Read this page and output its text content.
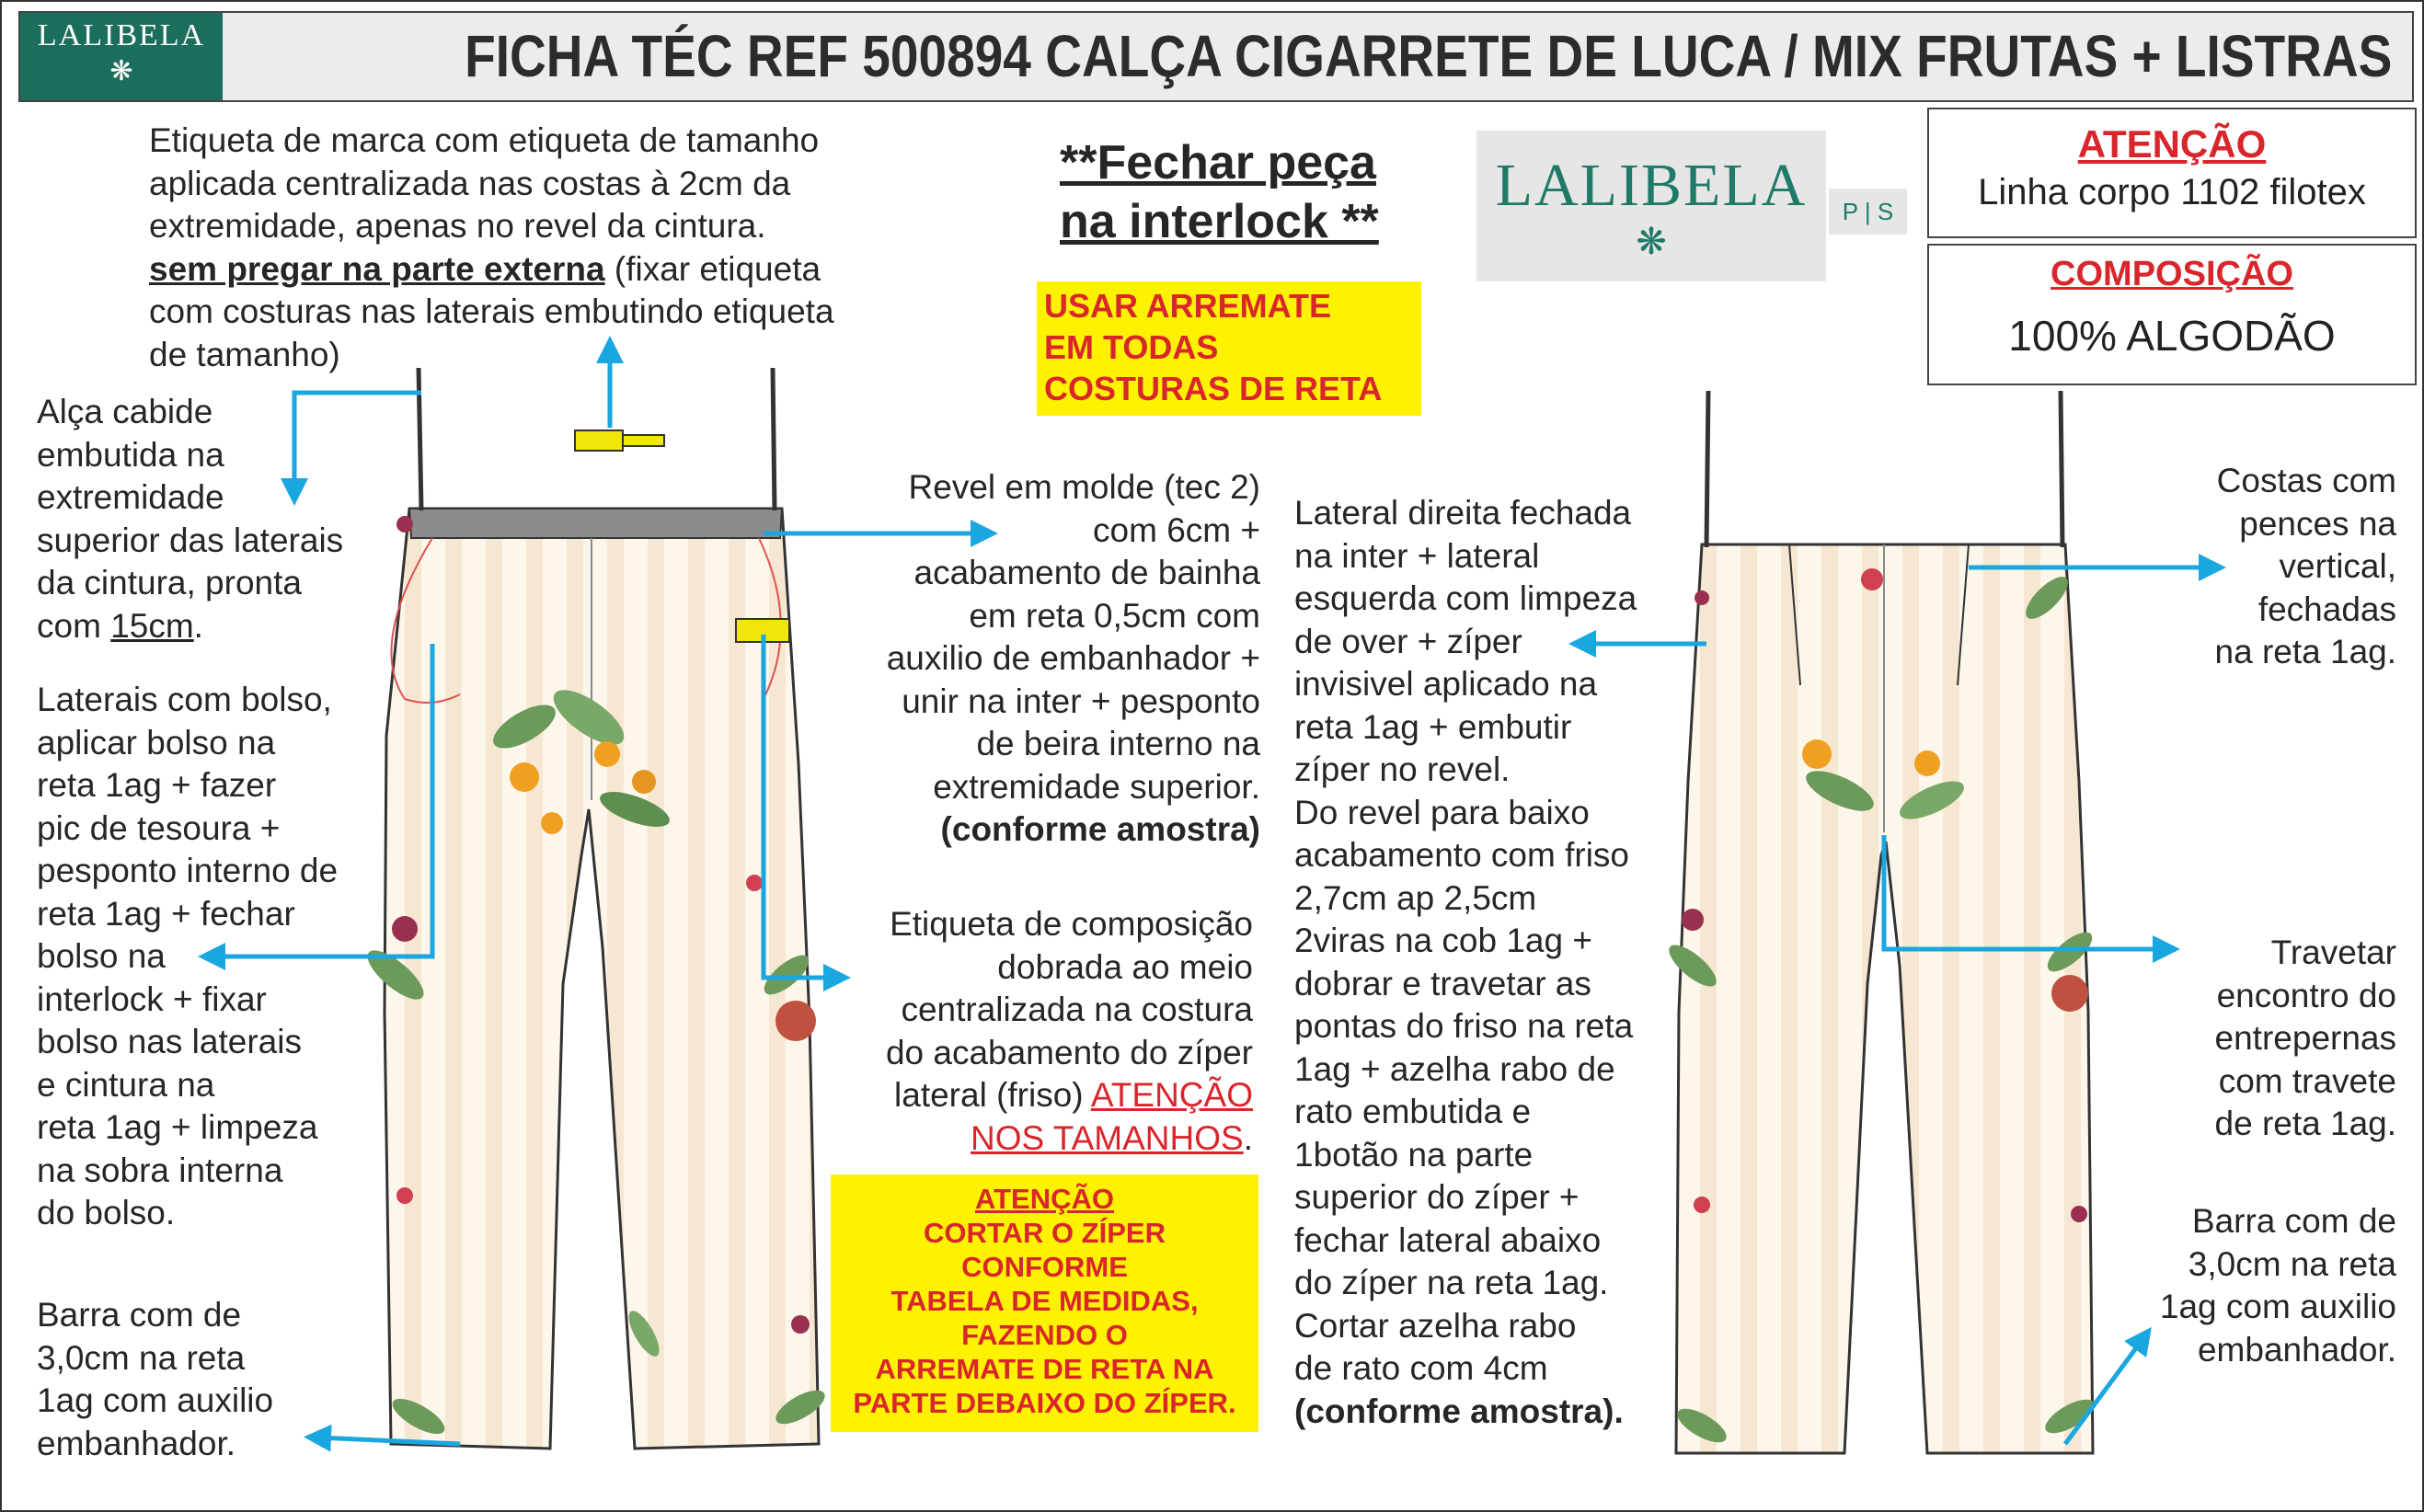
LALIBELA
❋	FICHA TÉC REF 500894 CALÇA CIGARRETE DE LUCA / MIX FRUTAS + LISTRAS
Etiqueta de marca com etiqueta de tamanho
aplicada centralizada nas costas à 2cm da
extremidade, apenas no revel da cintura.
sem pregar na parte externa (fixar etiqueta
com costuras nas laterais embutindo etiqueta
de tamanho)
**Fechar peça
na interlock **
USAR ARREMATE
EM TODAS
COSTURAS DE RETA
LALIBELA
❋
P | S
ATENÇÃO
Linha corpo 1102 filotex
COMPOSIÇÃO
100% ALGODÃO
Alça cabide
embutida na
extremidade
superior das laterais
da cintura, pronta
com 15cm.
Laterais com bolso,
aplicar bolso na
reta 1ag + fazer
pic de tesoura +
pesponto interno de
reta 1ag + fechar
bolso na
interlock + fixar
bolso nas laterais
e cintura na
reta 1ag + limpeza
na sobra interna
do bolso.
Barra com de
3,0cm na reta
1ag com auxilio
embanhador.
Revel em molde (tec 2)
com 6cm +
acabamento de bainha
em reta 0,5cm com
auxilio de embanhador +
unir na inter + pesponto
de beira interno na
extremidade superior.
(conforme amostra)
Etiqueta de composição
dobrada ao meio
centralizada na costura
do acabamento do zíper
lateral (friso) ATENÇÃO
NOS TAMANHOS.
ATENÇÃO
CORTAR O ZÍPER
CONFORME
TABELA DE MEDIDAS,
FAZENDO O
ARREMATE DE RETA NA
PARTE DEBAIXO DO ZÍPER.
Lateral direita fechada
na inter + lateral
esquerda com limpeza
de over + zíper
invisivel aplicado na
reta 1ag + embutir
zíper no revel.
Do revel para baixo
acabamento com friso
2,7cm ap 2,5cm
2viras na cob 1ag +
dobrar e travetar as
pontas do friso na reta
1ag + azelha rabo de
rato embutida e
1botão na parte
superior do zíper +
fechar lateral abaixo
do zíper na reta 1ag.
Cortar azelha rabo
de rato com 4cm
(conforme amostra).
Costas com
pences na
vertical,
fechadas
na reta 1ag.
Travetar
encontro do
entrepernas
com travete
de reta 1ag.
Barra com de
3,0cm na reta
1ag com auxilio
embanhador.
